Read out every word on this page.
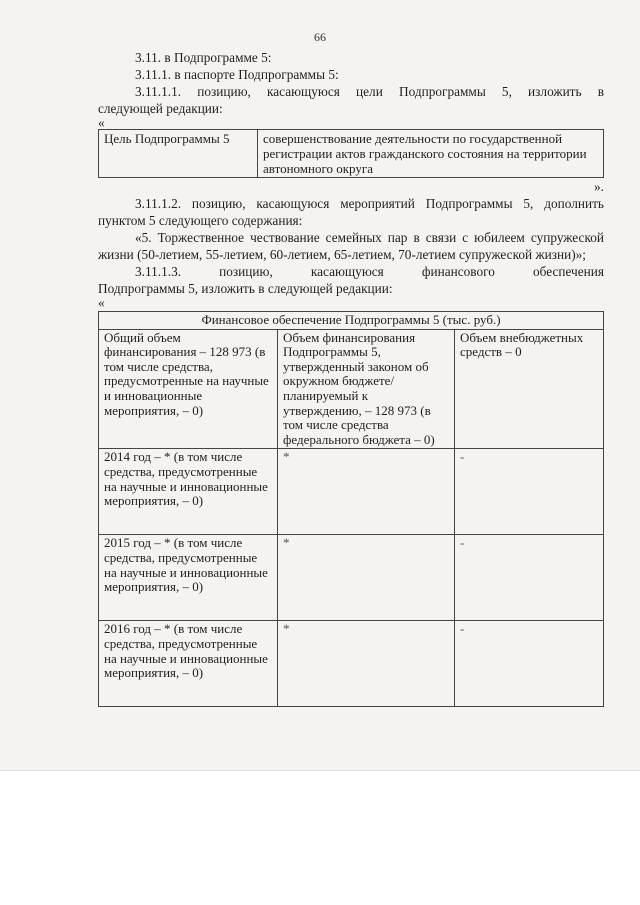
66

3.11. в Подпрограмме 5:

3.11.1. в паспорте Подпрограммы 5:

3.11.1.1. позицию, касающуюся цели Подпрограммы 5, изложить в

следующей редакции:

«

Цель Подпрограммы 5	совершенствование деятельности по государственной регистрации актов гражданского состояния на территории автономного округа

».

3.11.1.2. позицию, касающуюся мероприятий Подпрограммы 5, дополнить пунктом 5 следующего содержания:

«5. Торжественное чествование семейных пар в связи с юбилеем супружеской жизни (50-летием, 55-летием, 60-летием, 65-летием, 70-летием супружеской жизни)»;

3.11.1.3. позицию, касающуюся финансового обеспечения

Подпрограммы 5, изложить в следующей редакции:

«

Финансовое обеспечение Подпрограммы 5 (тыс. руб.)		
Общий объем финансирования – 128 973 (в том числе средства, предусмотренные на научные и инновационные мероприятия, – 0)	Объем финансирования Подпрограммы 5, утвержденный законом об окружном бюджете/ планируемый к утверждению, – 128 973 (в том числе средства федерального бюджета – 0)	Объем внебюджетных средств – 0
2014 год – * (в том числе средства, предусмотренные на научные и инновационные мероприятия, – 0)	*	-
2015 год – * (в том числе средства, предусмотренные на научные и инновационные мероприятия, – 0)	*	-
2016 год – * (в том числе средства, предусмотренные на научные и инновационные мероприятия, – 0)	*	-
